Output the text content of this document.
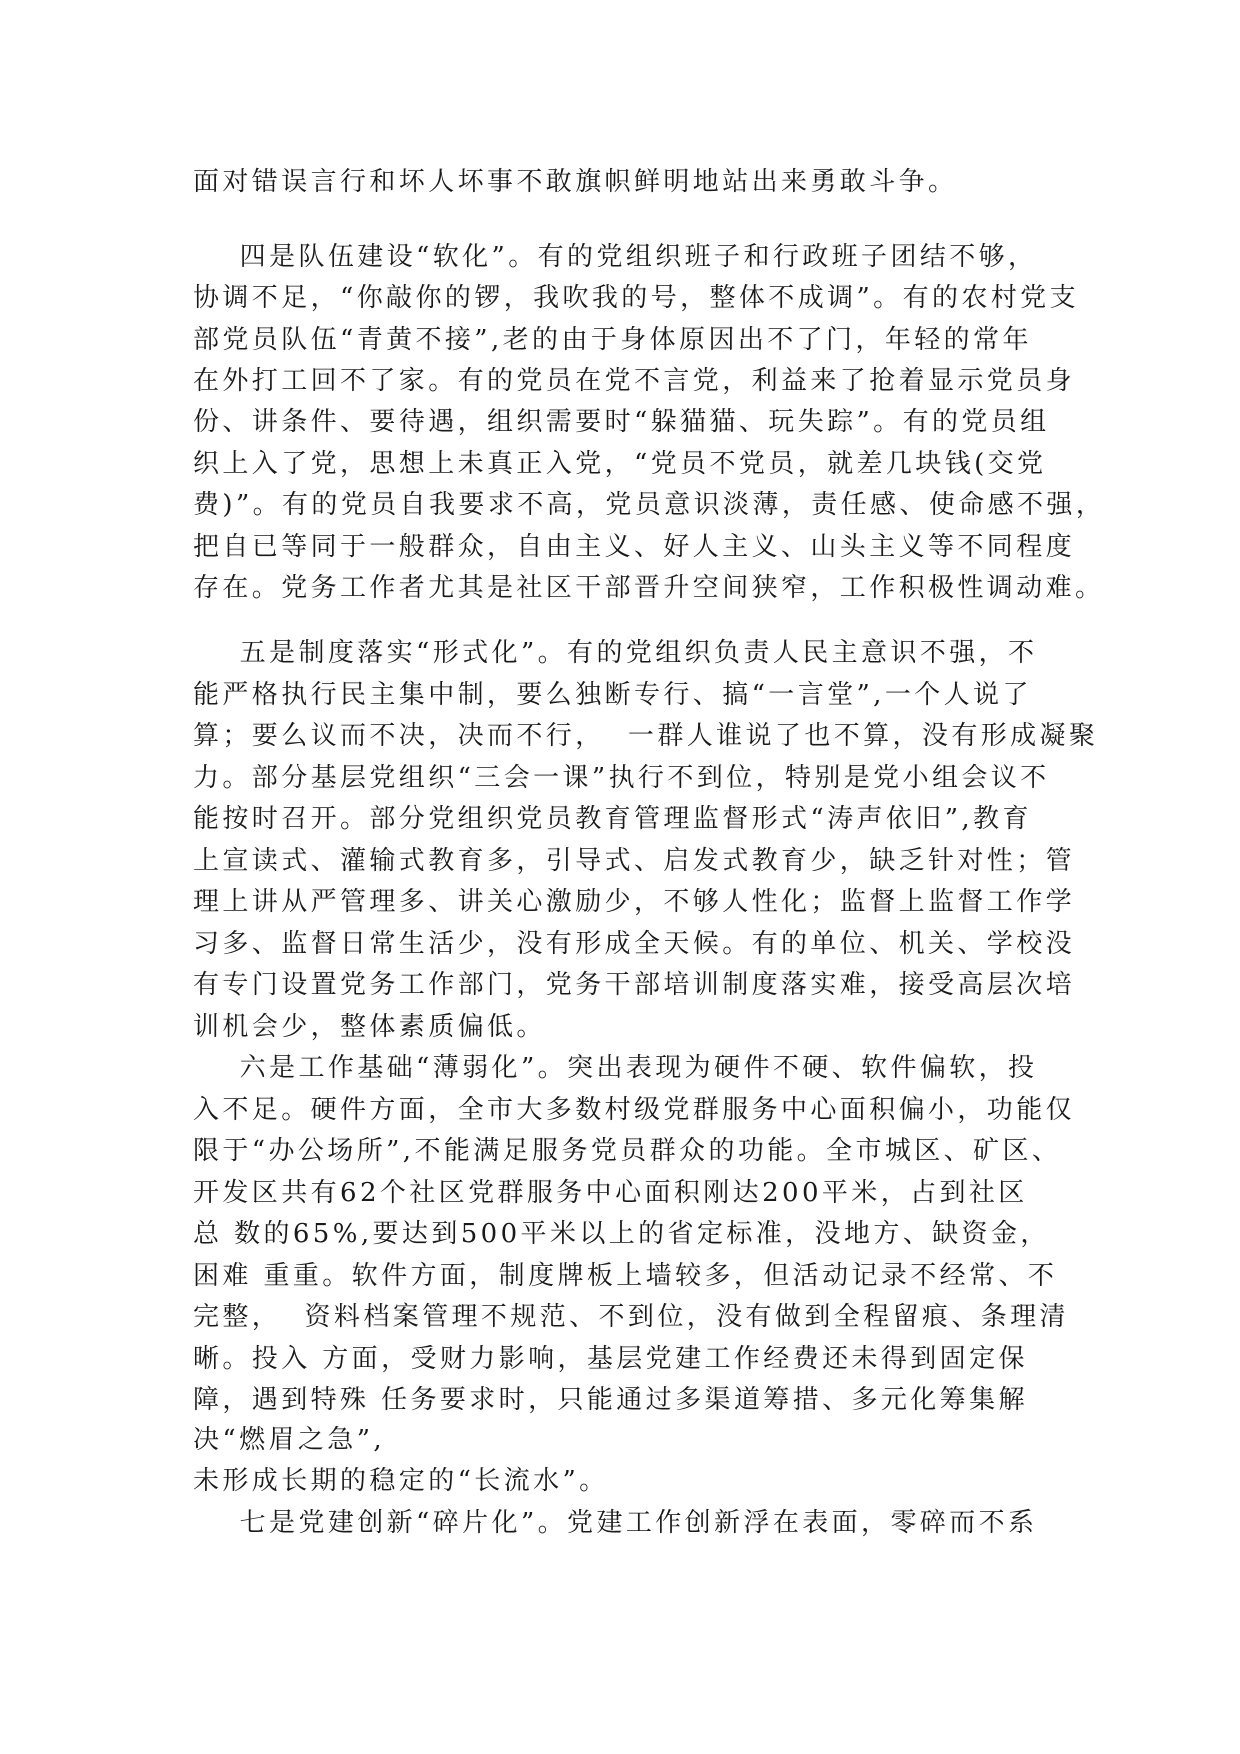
面对错误言行和坏人坏事不敢旗帜鲜明地站出来勇敢斗争。
四是队伍建设“软化”。有的党组织班子和行政班子团结不够，
协调不足，“你敲你的锣，我吹我的号，整体不成调”。有的农村党支
部党员队伍“青黄不接”,老的由于身体原因出不了门，年轻的常年
在外打工回不了家。有的党员在党不言党，利益来了抢着显示党员身
份、讲条件、要待遇，组织需要时“躲猫猫、玩失踪”。有的党员组
织上入了党，思想上未真正入党，“党员不党员，就差几块钱(交党
费)”。有的党员自我要求不高，党员意识淡薄，责任感、使命感不强，
把自已等同于一般群众，自由主义、好人主义、山头主义等不同程度
存在。党务工作者尤其是社区干部晋升空间狭窄，工作积极性调动难。
五是制度落实“形式化”。有的党组织负责人民主意识不强，不
能严格执行民主集中制，要么独断专行、搞“一言堂”,一个人说了
算；要么议而不决，决而不行，  一群人谁说了也不算，没有形成凝聚
力。部分基层党组织“三会一课”执行不到位，特别是党小组会议不
能按时召开。部分党组织党员教育管理监督形式“涛声依旧”,教育
上宣读式、灌输式教育多，引导式、启发式教育少，缺乏针对性；管
理上讲从严管理多、讲关心激励少，不够人性化；监督上监督工作学
习多、监督日常生活少，没有形成全天候。有的单位、机关、学校没
有专门设置党务工作部门，党务干部培训制度落实难，接受高层次培
训机会少，整体素质偏低。
六是工作基础“薄弱化”。突出表现为硬件不硬、软件偏软，投
入不足。硬件方面，全市大多数村级党群服务中心面积偏小，功能仅
限于“办公场所”,不能满足服务党员群众的功能。全市城区、矿区、
开发区共有62个社区党群服务中心面积刚达200平米，占到社区
总 数的65%,要达到500平米以上的省定标准，没地方、缺资金，
困难 重重。软件方面，制度牌板上墙较多，但活动记录不经常、不
完整，  资料档案管理不规范、不到位，没有做到全程留痕、条理清
晰。投入 方面，受财力影响，基层党建工作经费还未得到固定保
障，遇到特殊 任务要求时，只能通过多渠道筹措、多元化筹集解
决“燃眉之急”,
未形成长期的稳定的“长流水”。
七是党建创新“碎片化”。党建工作创新浮在表面，零碎而不系
